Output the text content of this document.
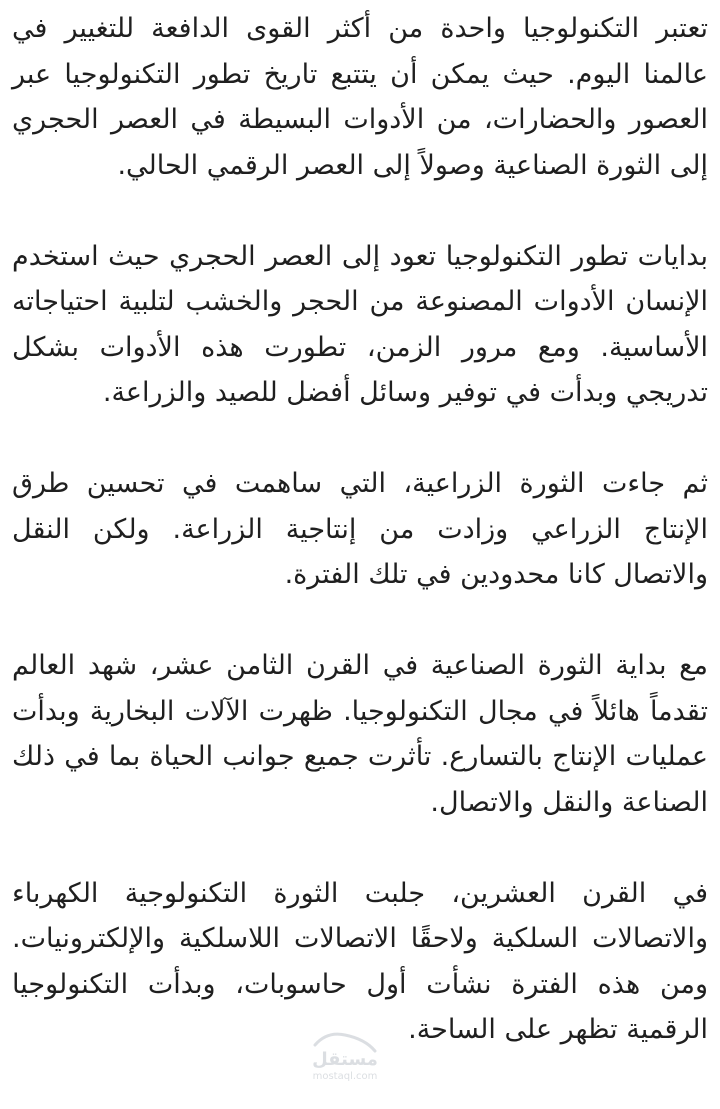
تعتبر التكنولوجيا واحدة من أكثر القوى الدافعة للتغيير في عالمنا اليوم. حيث يمكن أن يتتبع تاريخ تطور التكنولوجيا عبر العصور والحضارات، من الأدوات البسيطة في العصر الحجري إلى الثورة الصناعية وصولاً إلى العصر الرقمي الحالي.

بدايات تطور التكنولوجيا تعود إلى العصر الحجري حيث استخدم الإنسان الأدوات المصنوعة من الحجر والخشب لتلبية احتياجاته الأساسية. ومع مرور الزمن، تطورت هذه الأدوات بشكل تدريجي وبدأت في توفير وسائل أفضل للصيد والزراعة.

ثم جاءت الثورة الزراعية، التي ساهمت في تحسين طرق الإنتاج الزراعي وزادت من إنتاجية الزراعة. ولكن النقل والاتصال كانا محدودين في تلك الفترة.

مع بداية الثورة الصناعية في القرن الثامن عشر، شهد العالم تقدماً هائلاً في مجال التكنولوجيا. ظهرت الآلات البخارية وبدأت عمليات الإنتاج بالتسارع. تأثرت جميع جوانب الحياة بما في ذلك الصناعة والنقل والاتصال.

في القرن العشرين، جلبت الثورة التكنولوجية الكهرباء والاتصالات السلكية ولاحقًا الاتصالات اللاسلكية والإلكترونيات. ومن هذه الفترة نشأت أول حاسوبات، وبدأت التكنولوجيا الرقمية تظهر على الساحة.

مستقل
mostaql.com
